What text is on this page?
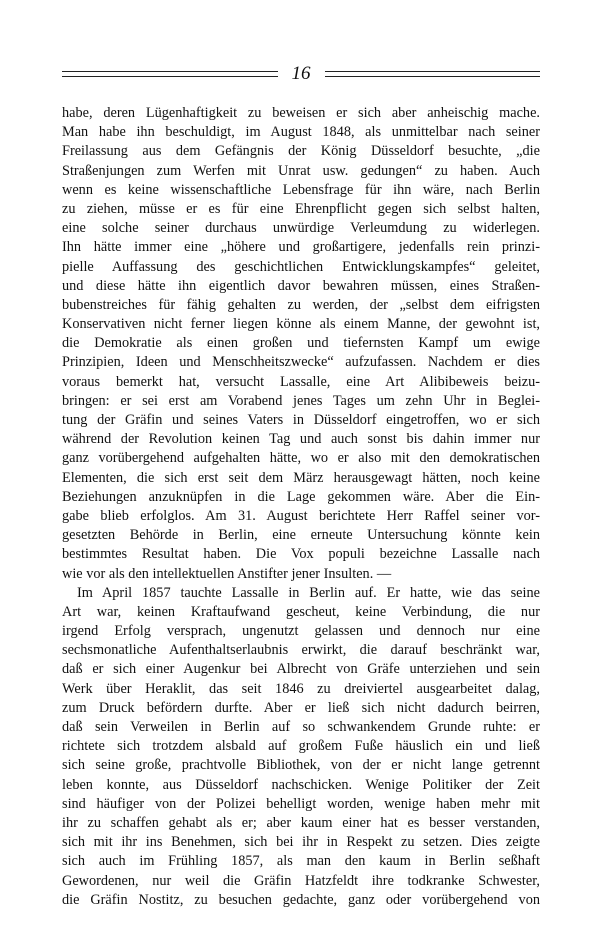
16
habe, deren Lügenhaftigkeit zu beweisen er sich aber anheischig mache.
Man habe ihn beschuldigt, im August 1848, als unmittelbar nach seiner
Freilassung aus dem Gefängnis der König Düsseldorf besuchte, „die
Straßenjungen zum Werfen mit Unrat usw. gedungen“ zu haben. Auch
wenn es keine wissenschaftliche Lebensfrage für ihn wäre, nach Berlin
zu ziehen, müsse er es für eine Ehrenpflicht gegen sich selbst halten,
eine solche seiner durchaus unwürdige Verleumdung zu widerlegen.
Ihn hätte immer eine „höhere und großartigere, jedenfalls rein prinzi-
pielle Auffassung des geschichtlichen Entwicklungskampfes“ geleitet,
und diese hätte ihn eigentlich davor bewahren müssen, eines Straßen-
bubenstreiches für fähig gehalten zu werden, der „selbst dem eifrigsten
Konservativen nicht ferner liegen könne als einem Manne, der gewohnt ist,
die Demokratie als einen großen und tiefernsten Kampf um ewige
Prinzipien, Ideen und Menschheitszwecke“ aufzufassen. Nachdem er dies
voraus bemerkt hat, versucht Lassalle, eine Art Alibibeweis beizu-
bringen: er sei erst am Vorabend jenes Tages um zehn Uhr in Beglei-
tung der Gräfin und seines Vaters in Düsseldorf eingetroffen, wo er sich
während der Revolution keinen Tag und auch sonst bis dahin immer nur
ganz vorübergehend aufgehalten hätte, wo er also mit den demokratischen
Elementen, die sich erst seit dem März herausgewagt hätten, noch keine
Beziehungen anzuknüpfen in die Lage gekommen wäre. Aber die Ein-
gabe blieb erfolglos. Am 31. August berichtete Herr Raffel seiner vor-
gesetzten Behörde in Berlin, eine erneute Untersuchung könnte kein
bestimmtes Resultat haben. Die Vox populi bezeichne Lassalle nach
wie vor als den intellektuellen Anstifter jener Insulten. —
Im April 1857 tauchte Lassalle in Berlin auf. Er hatte, wie das seine
Art war, keinen Kraftaufwand gescheut, keine Verbindung, die nur
irgend Erfolg versprach, ungenutzt gelassen und dennoch nur eine
sechsmonatliche Aufenthaltserlaubnis erwirkt, die darauf beschränkt war,
daß er sich einer Augenkur bei Albrecht von Gräfe unterziehen und sein
Werk über Heraklit, das seit 1846 zu dreiviertel ausgearbeitet dalag,
zum Druck befördern durfte. Aber er ließ sich nicht dadurch beirren,
daß sein Verweilen in Berlin auf so schwankendem Grunde ruhte: er
richtete sich trotzdem alsbald auf großem Fuße häuslich ein und ließ
sich seine große, prachtvolle Bibliothek, von der er nicht lange getrennt
leben konnte, aus Düsseldorf nachschicken. Wenige Politiker der Zeit
sind häufiger von der Polizei behelligt worden, wenige haben mehr mit
ihr zu schaffen gehabt als er; aber kaum einer hat es besser verstanden,
sich mit ihr ins Benehmen, sich bei ihr in Respekt zu setzen. Dies zeigte
sich auch im Frühling 1857, als man den kaum in Berlin seßhaft
Gewordenen, nur weil die Gräfin Hatzfeldt ihre todkranke Schwester,
die Gräfin Nostitz, zu besuchen gedachte, ganz oder vorübergehend von
